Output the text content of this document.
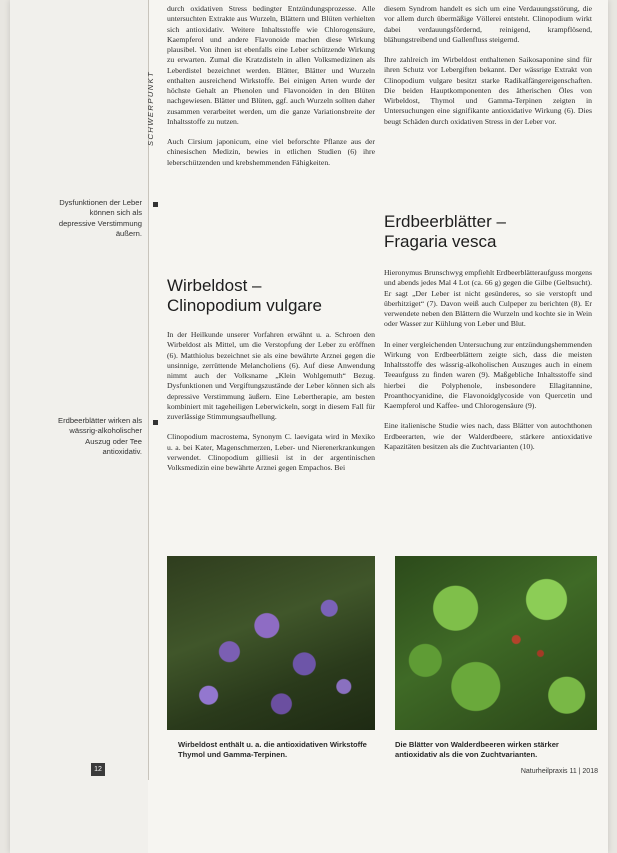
SCHWERPUNKT
Dysfunktionen der Leber können sich als depressive Verstimmung äußern.
Erdbeerblätter wirken als wässrig-alkoholischer Auszug oder Tee antioxidativ.

durch oxidativen Stress bedingter Entzündungsprozesse. Alle untersuchten Extrakte aus Wurzeln, Blättern und Blüten verhielten sich antioxidativ. Weitere Inhaltsstoffe wie Chlorogensäure, Kaempferol und andere Flavonoide machen diese Wirkung plausibel. Von ihnen ist ebenfalls eine Leber schützende Wirkung zu erwarten. Zumal die Kratzdisteln in allen Volksmedizinen als Leberdistel bezeichnet werden. Blätter, Blätter und Wurzeln enthalten ausreichend Wirkstoffe. Bei einigen Arten wurde der höchste Gehalt an Phenolen und Flavonoiden in den Blüten nachgewiesen. Blätter und Blüten, ggf. auch Wurzeln sollten daher zusammen verarbeitet werden, um die ganze Variationsbreite der Inhaltsstoffe zu nutzen.

Auch Cirsium japonicum, eine viel beforschte Pflanze aus der chinesischen Medizin, bewies in etlichen Studien (6) ihre leberschützenden und krebshemmenden Fähigkeiten.

Wirbeldost –
Clinopodium vulgare

In der Heilkunde unserer Vorfahren erwähnt u. a. Schroen den Wirbeldost als Mittel, um die Verstopfung der Leber zu eröffnen (6). Matthiolus bezeichnet sie als eine bewährte Arznei gegen die unsinnige, zerrüttende Melancholiens (6). Auf diese Anwendung nimmt auch der Volksname „Klein Wohlgemuth“ Bezug. Dysfunktionen und Vergiftungszustände der Leber können sich als depressive Verstimmung äußern. Eine Lebertherapie, am besten kombiniert mit tageheiligen Leberwickeln, sorgt in diesem Fall für zuverlässige Stimmungsaufhellung.

Clinopodium macrostema, Synonym C. laevigata wird in Mexiko u. a. bei Kater, Magenschmerzen, Leber- und Nierenerkrankungen verwendet. Clinopodium gilliesii ist in der argentinischen Volksmedizin eine bewährte Arznei gegen Empachos. Bei

diesem Syndrom handelt es sich um eine Verdauungsstörung, die vor allem durch übermäßige Völlerei entsteht. Clinopodium wirkt dabei verdauungsfördernd, reinigend, krampflösend, blähungstreibend und Gallenfluss steigernd.

Ihre zahlreich im Wirbeldost enthaltenen Saikosaponine sind für ihren Schutz vor Lebergiften bekannt. Der wässrige Extrakt von Clinopodium vulgare besitzt starke Radikalfängereigenschaften. Die beiden Hauptkomponenten des ätherischen Öles von Wirbeldost, Thymol und Gamma-Terpinen zeigten in Untersuchungen eine signifikante antioxidative Wirkung (6). Dies beugt Schäden durch oxidativen Stress in der Leber vor.

Erdbeerblätter –
Fragaria vesca

Hieronymus Brunschwyg empfiehlt Erdbeerblätteraufguss morgens und abends jedes Mal 4 Lot (ca. 66 g) gegen die Gilbe (Gelbsucht). Er sagt „Der Leber ist nicht gesünderes, so sie verstopft und überhitziget“ (7). Davon weiß auch Culpeper zu berichten (8). Er verwendete neben den Blättern die Wurzeln und kochte sie in Wein oder Wasser zur Kühlung von Leber und Blut.

In einer vergleichenden Untersuchung zur entzündungshemmenden Wirkung von Erdbeerblättern zeigte sich, dass die meisten Inhaltsstoffe des wässrig-alkoholischen Auszuges auch in einem Teeaufguss zu finden waren (9). Maßgebliche Inhaltsstoffe sind hierbei die Polyphenole, insbesondere Ellagitannine, Proanthocyanidine, die Flavonoidglycoside von Quercetin und Kaempferol und Kaffee- und Chlorogensäure (9).

Eine italienische Studie wies nach, dass Blätter von autochthonen Erdbeerarten, wie der Walderdbeere, stärkere antioxidative Kapazitäten besitzen als die Zuchtvarianten (10).

Wirbeldost enthält u. a. die antioxidativen Wirkstoffe Thymol und Gamma-Terpinen.
Die Blätter von Walderdbeeren wirken stärker antioxidativ als die von Zuchtvarianten.
12	Naturheilpraxis 11 | 2018
